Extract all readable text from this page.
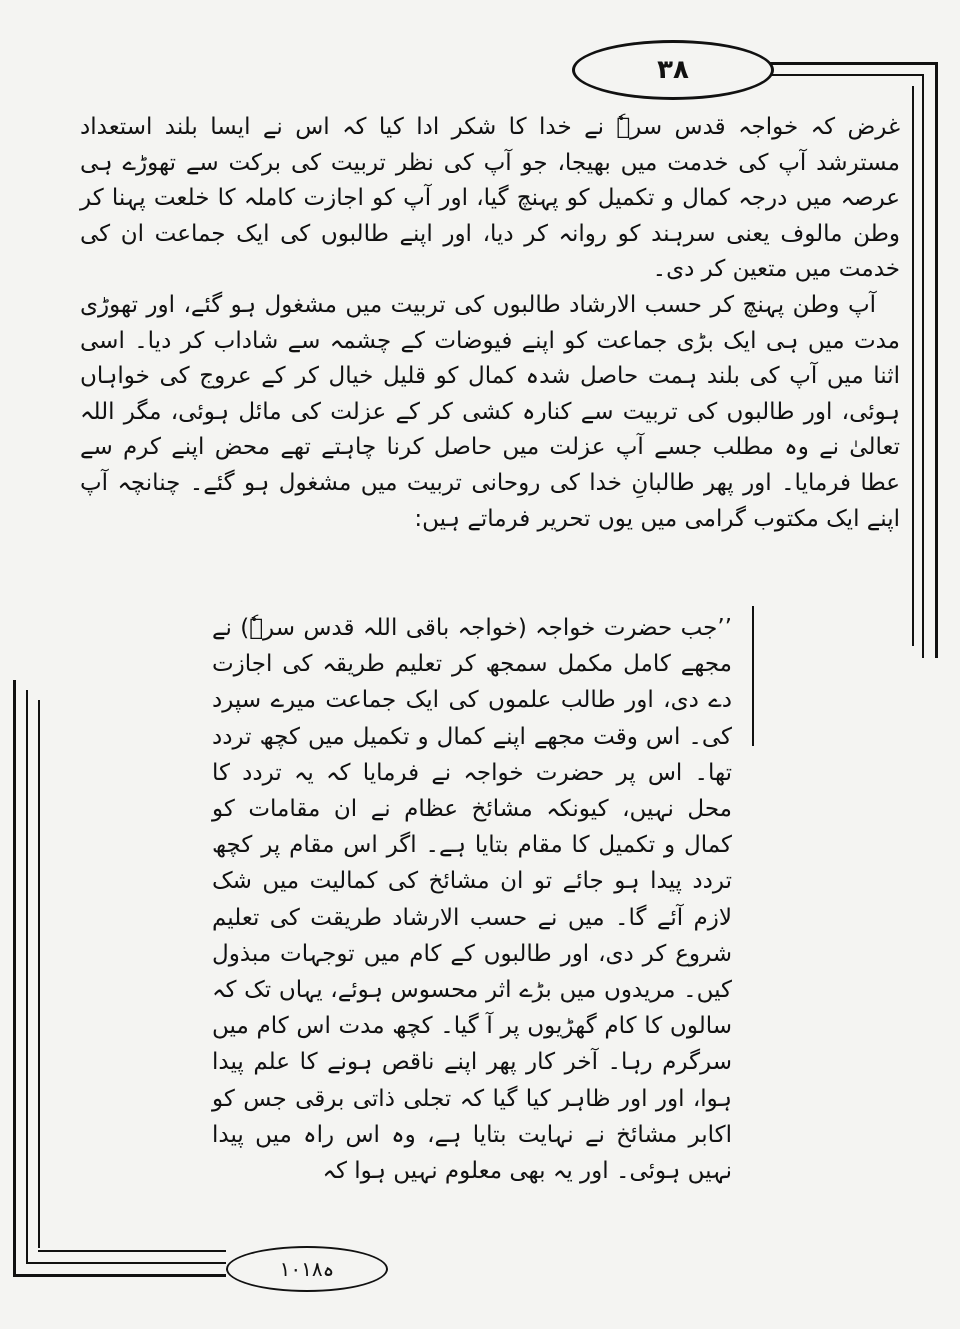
۳۸

غرض کہ خواجہ قدس سرہٗ نے خدا کا شکر ادا کیا کہ اس نے ایسا بلند استعداد مسترشد آپ کی خدمت میں بھیجا، جو آپ کی نظر تربیت کی برکت سے تھوڑے ہی عرصہ میں درجہ کمال و تکمیل کو پہنچ گیا، اور آپ کو اجازت کاملہ کا خلعت پہنا کر وطن مالوف یعنی سرہند کو روانہ کر دیا، اور اپنے طالبوں کی ایک جماعت ان کی خدمت میں متعین کر دی۔

آپ وطن پہنچ کر حسب الارشاد طالبوں کی تربیت میں مشغول ہو گئے، اور تھوڑی مدت میں ہی ایک بڑی جماعت کو اپنے فیوضات کے چشمہ سے شاداب کر دیا۔ اسی اثنا میں آپ کی بلند ہمت حاصل شدہ کمال کو قلیل خیال کر کے عروج کی خواہاں ہوئی، اور طالبوں کی تربیت سے کنارہ کشی کر کے عزلت کی مائل ہوئی، مگر اللہ تعالیٰ نے وہ مطلب جسے آپ عزلت میں حاصل کرنا چاہتے تھے محض اپنے کرم سے عطا فرمایا۔ اور پھر طالبانِ خدا کی روحانی تربیت میں مشغول ہو گئے۔ چنانچہ آپ اپنے ایک مکتوب گرامی میں یوں تحریر فرماتے ہیں:

’’جب حضرت خواجہ (خواجہ باقی اللہ قدس سرہٗ) نے مجھے کامل مکمل سمجھ کر تعلیم طریقہ کی اجازت دے دی، اور طالب علموں کی ایک جماعت میرے سپرد کی۔ اس وقت مجھے اپنے کمال و تکمیل میں کچھ تردد تھا۔ اس پر حضرت خواجہ نے فرمایا کہ یہ تردد کا محل نہیں، کیونکہ مشائخ عظام نے ان مقامات کو کمال و تکمیل کا مقام بتایا ہے۔ اگر اس مقام پر کچھ تردد پیدا ہو جائے تو ان مشائخ کی کمالیت میں شک لازم آئے گا۔ میں نے حسب الارشاد طریقت کی تعلیم شروع کر دی، اور طالبوں کے کام میں توجہات مبذول کیں۔ مریدوں میں بڑے اثر محسوس ہوئے، یہاں تک کہ سالوں کا کام گھڑیوں پر آ گیا۔ کچھ مدت اس کام میں سرگرم رہا۔ آخر کار پھر اپنے ناقص ہونے کا علم پیدا ہوا، اور اور ظاہر کیا گیا کہ تجلی ذاتی برقی جس کو اکابر مشائخ نے نہایت بتایا ہے، وہ اس راہ میں پیدا نہیں ہوئی۔ اور یہ بھی معلوم نہیں ہوا کہ

۱۰۱۸ہ
